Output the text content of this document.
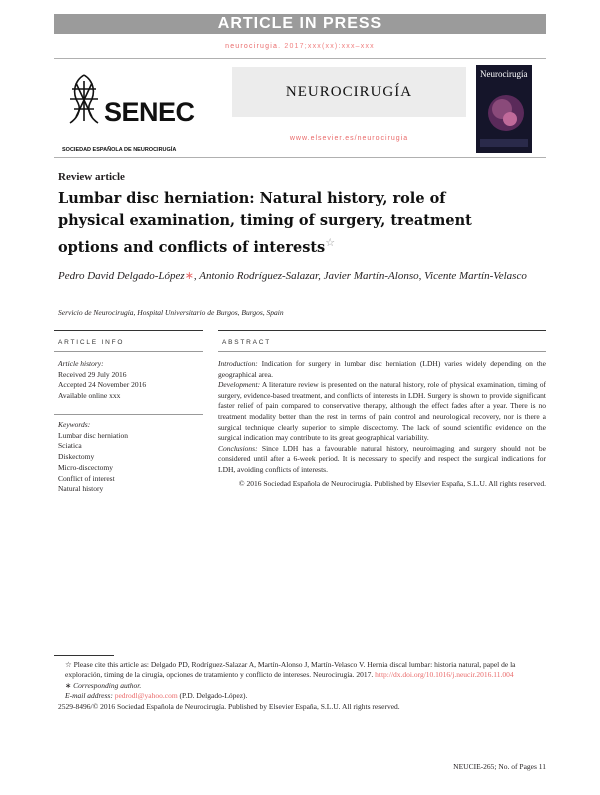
ARTICLE IN PRESS
neurocirugia. 2017;xxx(xx):xxx–xxx
SENEC
SOCIEDAD ESPAÑOLA DE NEUROCIRUGÍA
NEUROCIRUGÍA
www.elsevier.es/neurocirugia
Neurocirugía
Review article
Lumbar disc herniation: Natural history, role of physical examination, timing of surgery, treatment options and conflicts of interests☆
Pedro David Delgado-López∗, Antonio Rodríguez-Salazar, Javier Martín-Alonso, Vicente Martín-Velasco
Servicio de Neurocirugía, Hospital Universitario de Burgos, Burgos, Spain
ARTICLE INFO	ABSTRACT
Article history:
Received 29 July 2016
Accepted 24 November 2016
Available online xxx
Keywords:
Lumbar disc herniation
Sciatica
Diskectomy
Micro-discectomy
Conflict of interest
Natural history

Introduction: Indication for surgery in lumbar disc herniation (LDH) varies widely depending on the geographical area.

Development: A literature review is presented on the natural history, role of physical examination, timing of surgery, evidence-based treatment, and conflicts of interests in LDH. Surgery is shown to provide significant faster relief of pain compared to conservative therapy, although the effect fades after a year. There is no treatment modality better than the rest in terms of pain control and neurological recovery, nor is there a surgical technique clearly superior to simple discectomy. The lack of sound scientific evidence on the surgical indication may contribute to its great geographical variability.

Conclusions: Since LDH has a favourable natural history, neuroimaging and surgery should not be considered until after a 6-week period. It is necessary to specify and respect the surgical indications for LDH, avoiding conflicts of interests.

© 2016 Sociedad Española de Neurocirugía. Published by Elsevier España, S.L.U. All rights reserved.

☆ Please cite this article as: Delgado PD, Rodríguez-Salazar A, Martín-Alonso J, Martín-Velasco V. Hernia discal lumbar: historia natural, papel de la exploración, timing de la cirugía, opciones de tratamiento y conflicto de intereses. Neurocirugía. 2017. http://dx.doi.org/10.1016/j.neucir.2016.11.004

∗ Corresponding author.

E-mail address: pedrodl@yahoo.com (P.D. Delgado-López).

2529-8496/© 2016 Sociedad Española de Neurocirugía. Published by Elsevier España, S.L.U. All rights reserved.

NEUCIE-265; No. of Pages 11
